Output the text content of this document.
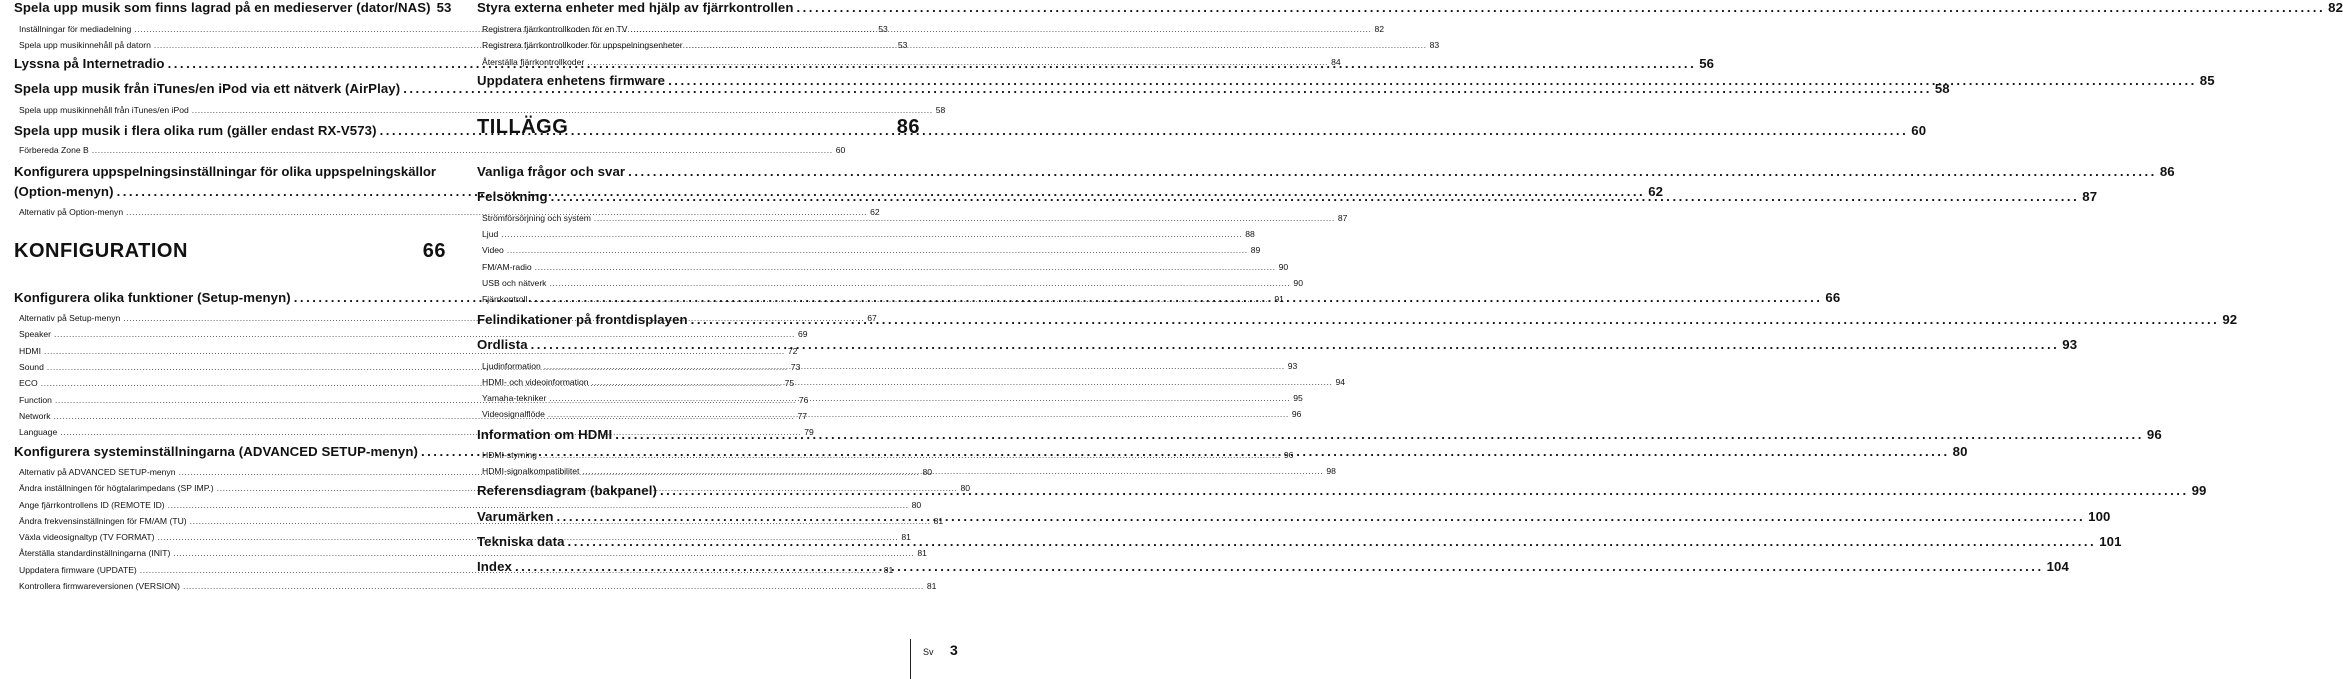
Spela upp musik som finns lagrad på en medieserver (dator/NAS) 53
Inställningar för mediadelning .....	53
Spela upp musikinnehåll på datorn .....	53
Lyssna på Internetradio .....	56
Spela upp musik från iTunes/en iPod via ett nätverk (AirPlay) .....	58
Spela upp musikinnehåll från iTunes/en iPod .....	58
Spela upp musik i flera olika rum (gäller endast RX-V573) .....	60
Förbereda Zone B .....	60
Konfigurera uppspelningsinställningar för olika uppspelningskällor
(Option-menyn) .....	62
Alternativ på Option-menyn .....	62
KONFIGURATION	66
Konfigurera olika funktioner (Setup-menyn) .....	66
Alternativ på Setup-menyn .....	67
Speaker .....	69
HDMI .....	72
Sound .....	73
ECO .....	75
Function .....	76
Network .....	77
Language .....	79
Konfigurera systeminställningarna (ADVANCED SETUP-menyn) .....	80
Alternativ på ADVANCED SETUP-menyn .....	80
Ändra inställningen för högtalarimpedans (SP IMP.) .....	80
Ange fjärrkontrollens ID (REMOTE ID) .....	80
Ändra frekvensinställningen för FM/AM (TU) .....	81
Växla videosignaltyp (TV FORMAT) .....	81
Återställa standardinställningarna (INIT) .....	81
Uppdatera firmware (UPDATE) .....	81
Kontrollera firmwareversionen (VERSION) .....	81
Styra externa enheter med hjälp av fjärrkontrollen .....	82
Registrera fjärrkontrollkoden för en TV .....	82
Registrera fjärrkontrollkoder för uppspelningsenheter .....	83
Återställa fjärrkontrollkoder .....	84
Uppdatera enhetens firmware .....	85
TILLÄGG	86
Vanliga frågor och svar .....	86
Felsökning .....	87
Strömförsörjning och system .....	87
Ljud .....	88
Video .....	89
FM/AM-radio .....	90
USB och nätverk .....	90
Fjärrkontroll .....	91
Felindikationer på frontdisplayen .....	92
Ordlista .....	93
Ljudinformation .....	93
HDMI- och videoinformation .....	94
Yamaha-tekniker .....	95
Videosignalflöde .....	96
Information om HDMI .....	96
HDMI-styrning .....	96
HDMI-signalkompatibilitet .....	98
Referensdiagram (bakpanel) .....	99
Varumärken .....	100
Tekniska data .....	101
Index .....	104
Sv 3
